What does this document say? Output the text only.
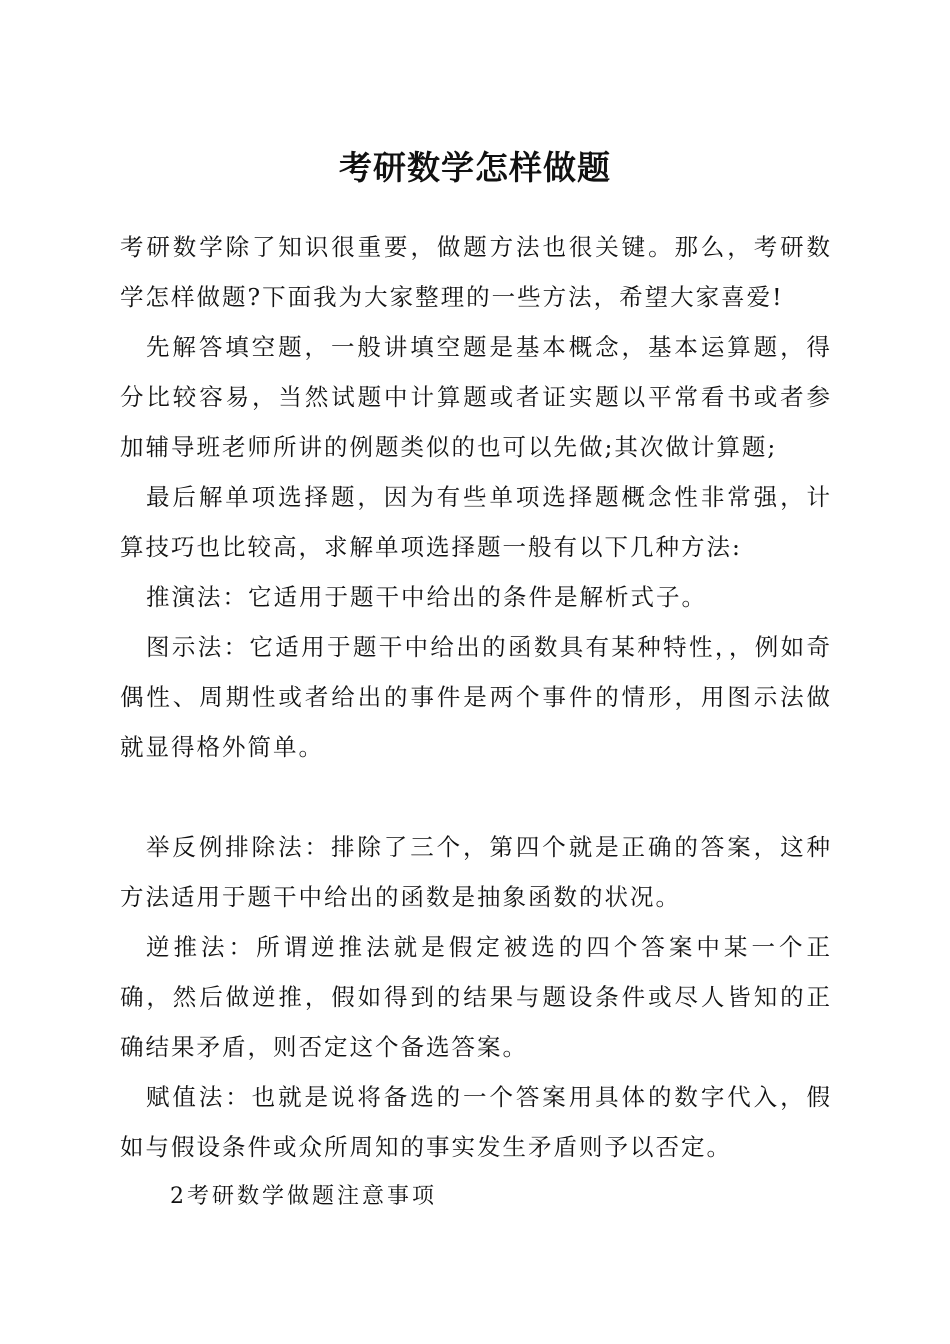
考研数学怎样做题

考研数学除了知识很重要，做题方法也很关键。那么，考研数学怎样做题?下面我为大家整理的一些方法，希望大家喜爱!

先解答填空题，一般讲填空题是基本概念，基本运算题，得分比较容易，当然试题中计算题或者证实题以平常看书或者参加辅导班老师所讲的例题类似的也可以先做;其次做计算题;

最后解单项选择题，因为有些单项选择题概念性非常强，计算技巧也比较高，求解单项选择题一般有以下几种方法:

推演法：它适用于题干中给出的条件是解析式子。

图示法：它适用于题干中给出的函数具有某种特性，，例如奇偶性、周期性或者给出的事件是两个事件的情形，用图示法做就显得格外简单。

举反例排除法：排除了三个，第四个就是正确的答案，这种方法适用于题干中给出的函数是抽象函数的状况。

逆推法：所谓逆推法就是假定被选的四个答案中某一个正确，然后做逆推，假如得到的结果与题设条件或尽人皆知的正确结果矛盾，则否定这个备选答案。

赋值法：也就是说将备选的一个答案用具体的数字代入，假如与假设条件或众所周知的事实发生矛盾则予以否定。

2考研数学做题注意事项
